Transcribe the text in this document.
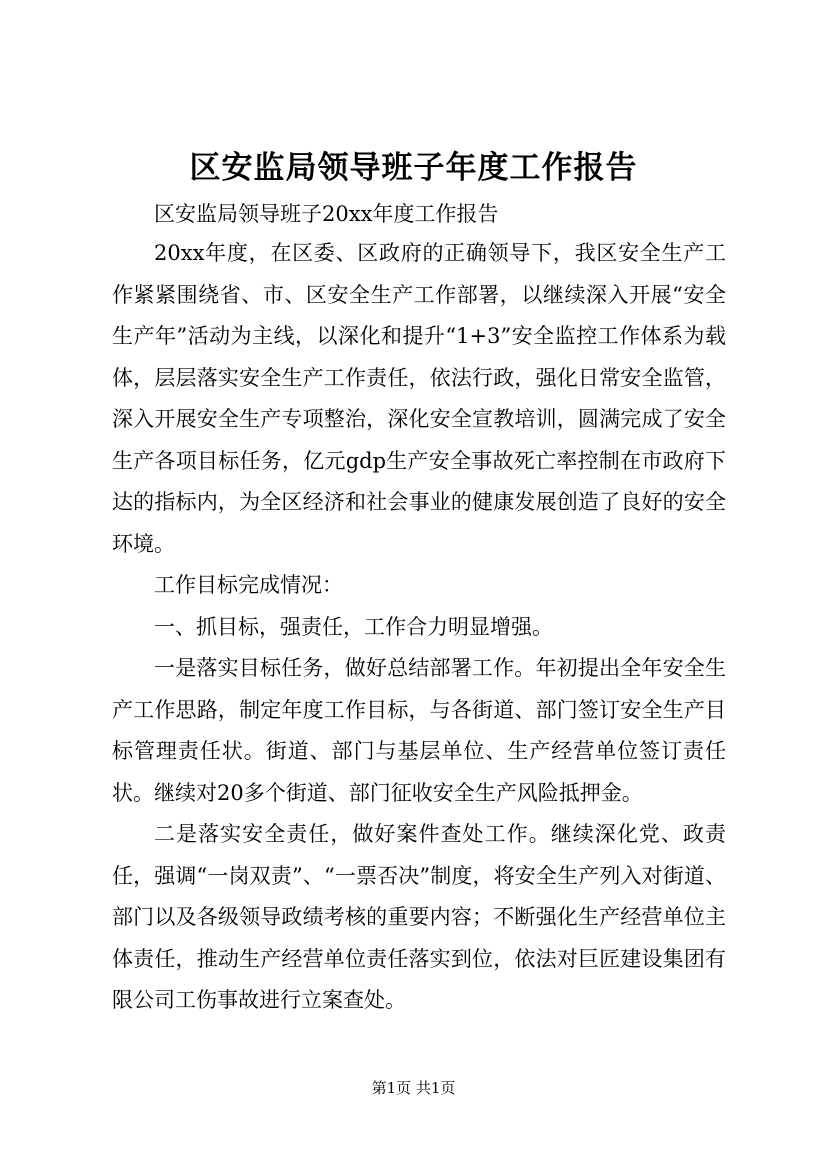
区安监局领导班子年度工作报告

区安监局领导班子20xx年度工作报告

20xx年度，在区委、区政府的正确领导下，我区安全生产工作紧紧围绕省、市、区安全生产工作部署，以继续深入开展“安全生产年”活动为主线，以深化和提升“1+3”安全监控工作体系为载体，层层落实安全生产工作责任，依法行政，强化日常安全监管，深入开展安全生产专项整治，深化安全宣教培训，圆满完成了安全生产各项目标任务，亿元gdp生产安全事故死亡率控制在市政府下达的指标内，为全区经济和社会事业的健康发展创造了良好的安全环境。

工作目标完成情况：

一、抓目标，强责任，工作合力明显增强。

一是落实目标任务，做好总结部署工作。年初提出全年安全生产工作思路，制定年度工作目标，与各街道、部门签订安全生产目标管理责任状。街道、部门与基层单位、生产经营单位签订责任状。继续对20多个街道、部门征收安全生产风险抵押金。

二是落实安全责任，做好案件查处工作。继续深化党、政责任，强调“一岗双责”、“一票否决”制度，将安全生产列入对街道、部门以及各级领导政绩考核的重要内容；不断强化生产经营单位主体责任，推动生产经营单位责任落实到位，依法对巨匠建设集团有限公司工伤事故进行立案查处。

第1页 共1页
